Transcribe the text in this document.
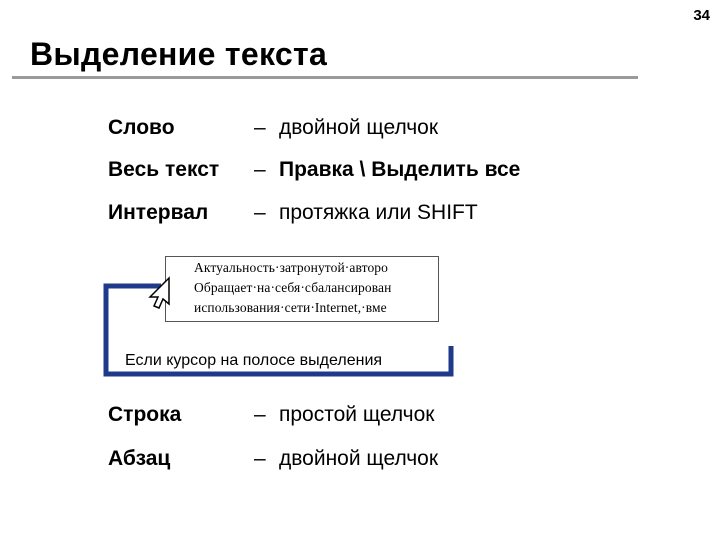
34
Выделение текста
Слово	– двойной щелчок
Весь текст – Правка \ Выделить все
Интервал – протяжка или SHIFT
Актуальность·затронутой·авторо
Обращает·на·себя·сбалансирован
использования·сети·Internet,·вме
Если курсор на полосе выделения
Строка	– простой щелчок
Абзац	– двойной щелчок
